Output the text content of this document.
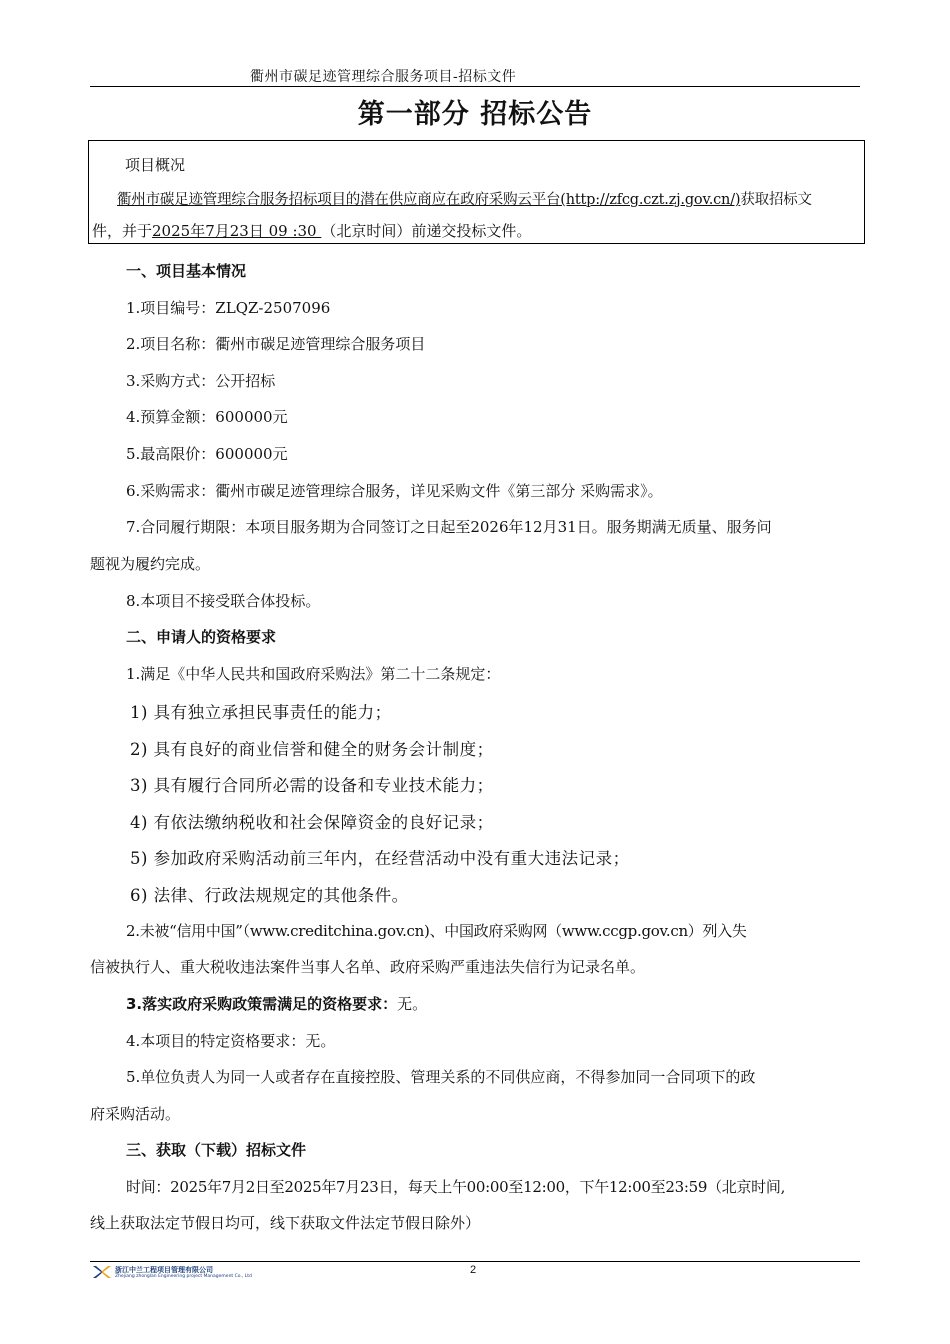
衢州市碳足迹管理综合服务项目-招标文件
第一部分 招标公告
项目概况
衢州市碳足迹管理综合服务招标项目的潜在供应商应在政府采购云平台(http://zfcg.czt.zj.gov.cn/)获取招标文
件，并于2025年7月23日 09 :30 （北京时间）前递交投标文件。
一、项目基本情况
1.项目编号：ZLQZ-2507096
2.项目名称：衢州市碳足迹管理综合服务项目
3.采购方式：公开招标
4.预算金额：600000元
5.最高限价：600000元
6.采购需求：衢州市碳足迹管理综合服务，详见采购文件《第三部分 采购需求》。
7.合同履行期限：本项目服务期为合同签订之日起至2026年12月31日。服务期满无质量、服务问
题视为履约完成。
8.本项目不接受联合体投标。
二、申请人的资格要求
1.满足《中华人民共和国政府采购法》第二十二条规定：
1) 具有独立承担民事责任的能力；
2) 具有良好的商业信誉和健全的财务会计制度；
3) 具有履行合同所必需的设备和专业技术能力；
4) 有依法缴纳税收和社会保障资金的良好记录；
5) 参加政府采购活动前三年内，在经营活动中没有重大违法记录；
6) 法律、行政法规规定的其他条件。
2.未被“信用中国”（www.creditchina.gov.cn)、中国政府采购网（www.ccgp.gov.cn）列入失
信被执行人、重大税收违法案件当事人名单、政府采购严重违法失信行为记录名单。
3.落实政府采购政策需满足的资格要求：无。
4.本项目的特定资格要求：无。
5.单位负责人为同一人或者存在直接控股、管理关系的不同供应商，不得参加同一合同项下的政
府采购活动。
三、获取（下载）招标文件
时间：2025年7月2日至2025年7月23日，每天上午00:00至12:00，下午12:00至23:59（北京时间,
线上获取法定节假日均可，线下获取文件法定节假日除外）
浙江中兰工程项目管理有限公司
Zhejiang zhonglan Engineering project Management Co., Ltd
2
